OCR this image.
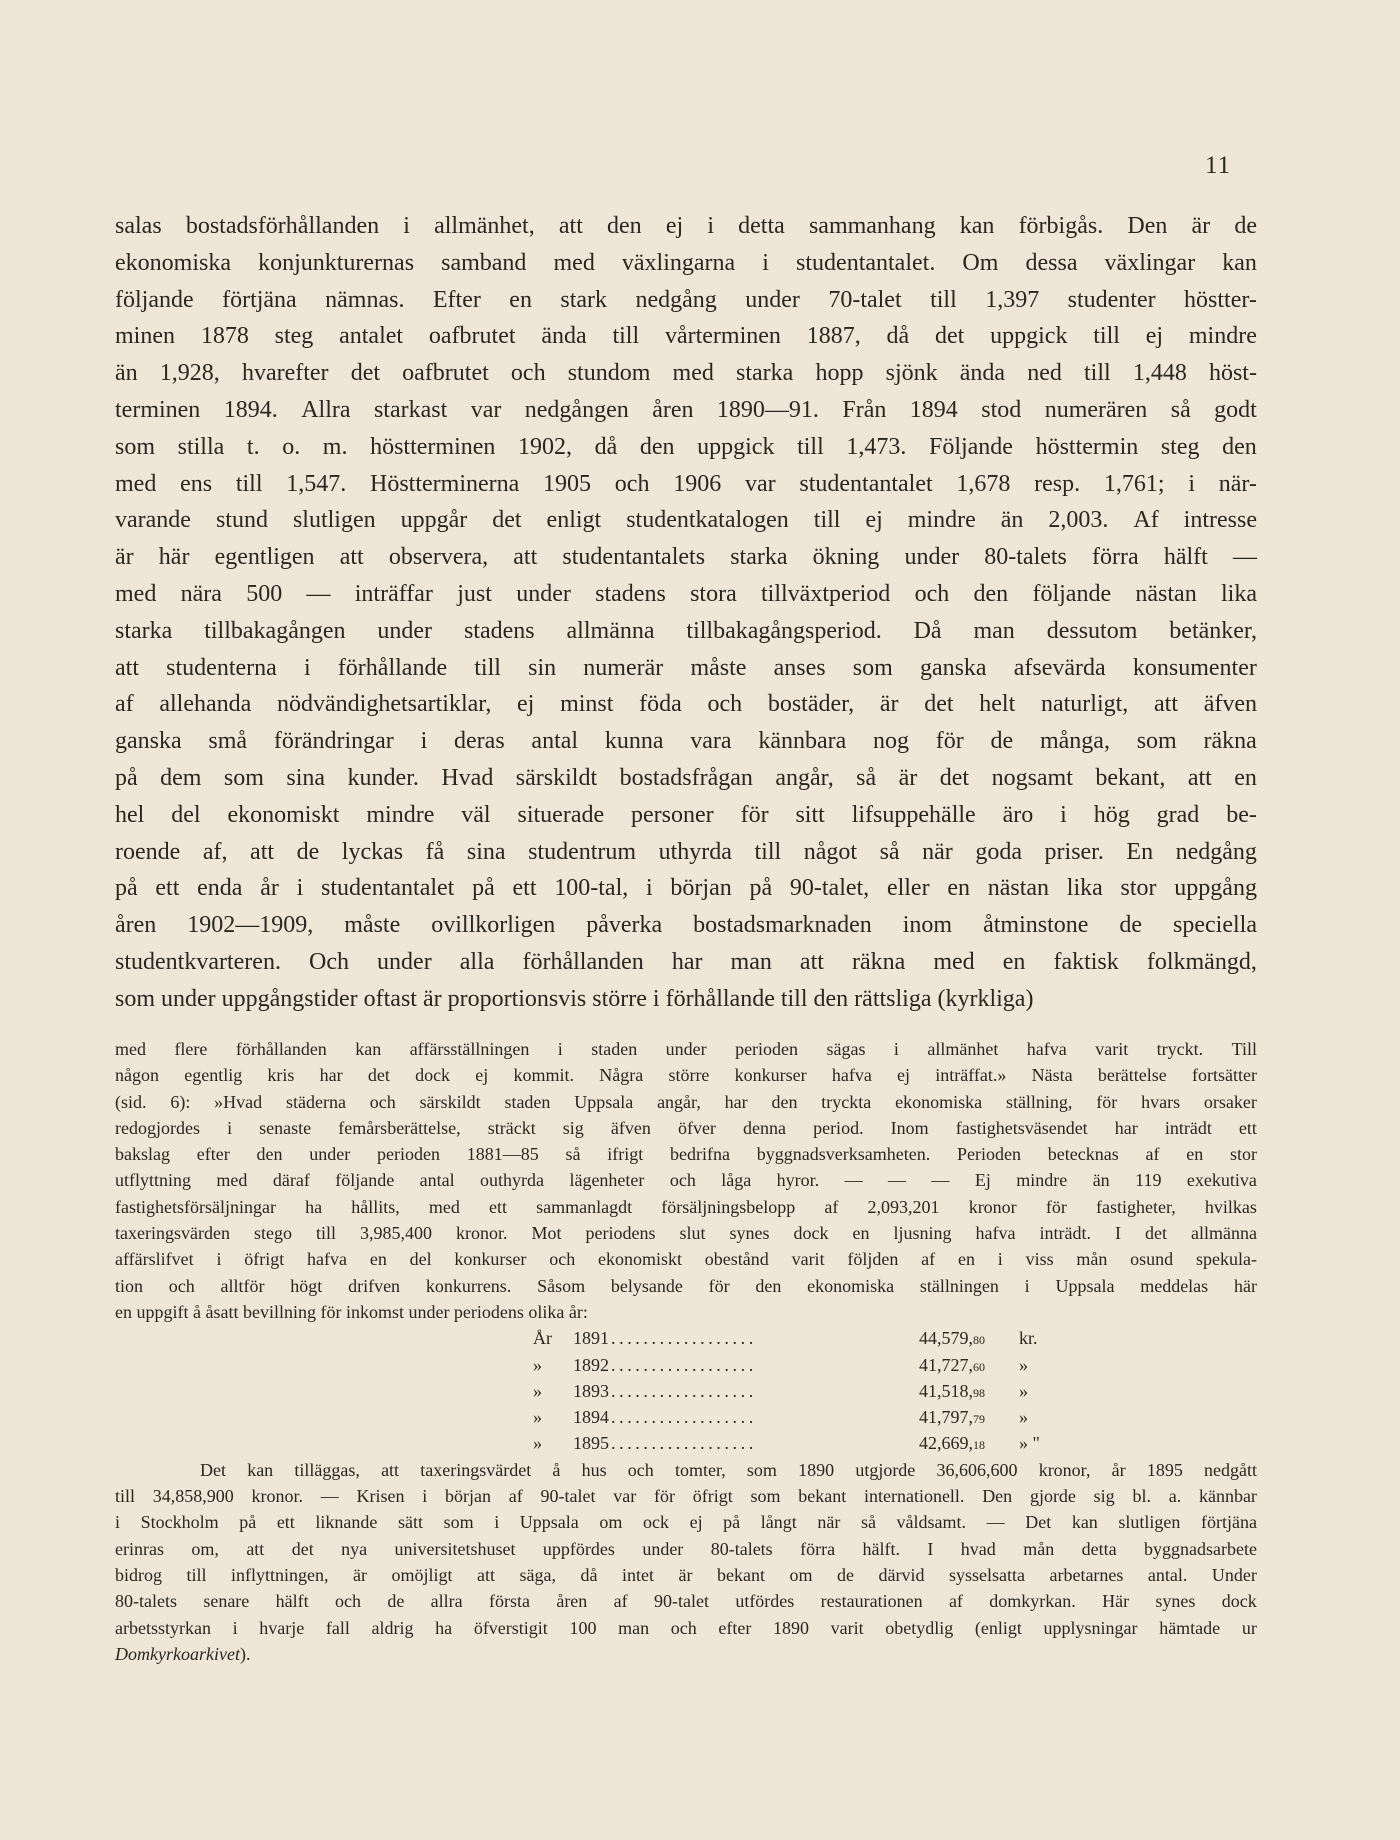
11
salas bostadsförhållanden i allmänhet, att den ej i detta sammanhang kan förbigås. Den är de
ekonomiska konjunkturernas samband med växlingarna i studentantalet. Om dessa växlingar kan
följande förtjäna nämnas. Efter en stark nedgång under 70-talet till 1,397 studenter höstter-
minen 1878 steg antalet oafbrutet ända till vårterminen 1887, då det uppgick till ej mindre
än 1,928, hvarefter det oafbrutet och stundom med starka hopp sjönk ända ned till 1,448 höst-
terminen 1894. Allra starkast var nedgången åren 1890—91. Från 1894 stod numerären så godt
som stilla t. o. m. höstterminen 1902, då den uppgick till 1,473. Följande hösttermin steg den
med ens till 1,547. Höstterminerna 1905 och 1906 var studentantalet 1,678 resp. 1,761; i när-
varande stund slutligen uppgår det enligt studentkatalogen till ej mindre än 2,003. Af intresse
är här egentligen att observera, att studentantalets starka ökning under 80-talets förra hälft —
med nära 500 — inträffar just under stadens stora tillväxtperiod och den följande nästan lika
starka tillbakagången under stadens allmänna tillbakagångsperiod. Då man dessutom betänker,
att studenterna i förhållande till sin numerär måste anses som ganska afsevärda konsumenter
af allehanda nödvändighetsartiklar, ej minst föda och bostäder, är det helt naturligt, att äfven
ganska små förändringar i deras antal kunna vara kännbara nog för de många, som räkna
på dem som sina kunder. Hvad särskildt bostadsfrågan angår, så är det nogsamt bekant, att en
hel del ekonomiskt mindre väl situerade personer för sitt lifsuppehälle äro i hög grad be-
roende af, att de lyckas få sina studentrum uthyrda till något så när goda priser. En nedgång
på ett enda år i studentantalet på ett 100-tal, i början på 90-talet, eller en nästan lika stor uppgång
åren 1902—1909, måste ovillkorligen påverka bostadsmarknaden inom åtminstone de speciella
studentkvarteren. Och under alla förhållanden har man att räkna med en faktisk folkmängd,
som under uppgångstider oftast är proportionsvis större i förhållande till den rättsliga (kyrkliga)
med flere förhållanden kan affärsställningen i staden under perioden sägas i allmänhet hafva varit tryckt. Till
någon egentlig kris har det dock ej kommit. Några större konkurser hafva ej inträffat.» Nästa berättelse fortsätter
(sid. 6): »Hvad städerna och särskildt staden Uppsala angår, har den tryckta ekonomiska ställning, för hvars orsaker
redogjordes i senaste femårsberättelse, sträckt sig äfven öfver denna period. Inom fastighetsväsendet har inträdt ett
bakslag efter den under perioden 1881—85 så ifrigt bedrifna byggnadsverksamheten. Perioden betecknas af en stor
utflyttning med däraf följande antal outhyrda lägenheter och låga hyror. — — — Ej mindre än 119 exekutiva
fastighetsförsäljningar ha hållits, med ett sammanlagdt försäljningsbelopp af 2,093,201 kronor för fastigheter, hvilkas
taxeringsvärden stego till 3,985,400 kronor. Mot periodens slut synes dock en ljusning hafva inträdt. I det allmänna
affärslifvet i öfrigt hafva en del konkurser och ekonomiskt obestånd varit följden af en i viss mån osund spekula-
tion och alltför högt drifven konkurrens. Såsom belysande för den ekonomiska ställningen i Uppsala meddelas här
en uppgift å åsatt bevillning för inkomst under periodens olika år:
År	1891 ..................	44,579,80	kr.
»	1892 ..................	41,727,60	»
»	1893 ..................	41,518,98	»
»	1894 ..................	41,797,79	»
»	1895 ..................	42,669,18	» "
Det kan tilläggas, att taxeringsvärdet å hus och tomter, som 1890 utgjorde 36,606,600 kronor, år 1895 nedgått
till 34,858,900 kronor. — Krisen i början af 90-talet var för öfrigt som bekant internationell. Den gjorde sig bl. a. kännbar
i Stockholm på ett liknande sätt som i Uppsala om ock ej på långt när så våldsamt. — Det kan slutligen förtjäna
erinras om, att det nya universitetshuset uppfördes under 80-talets förra hälft. I hvad mån detta byggnadsarbete
bidrog till inflyttningen, är omöjligt att säga, då intet är bekant om de därvid sysselsatta arbetarnes antal. Under
80-talets senare hälft och de allra första åren af 90-talet utfördes restaurationen af domkyrkan. Här synes dock
arbetsstyrkan i hvarje fall aldrig ha öfverstigit 100 man och efter 1890 varit obetydlig (enligt upplysningar hämtade ur
Domkyrkoarkivet ).
